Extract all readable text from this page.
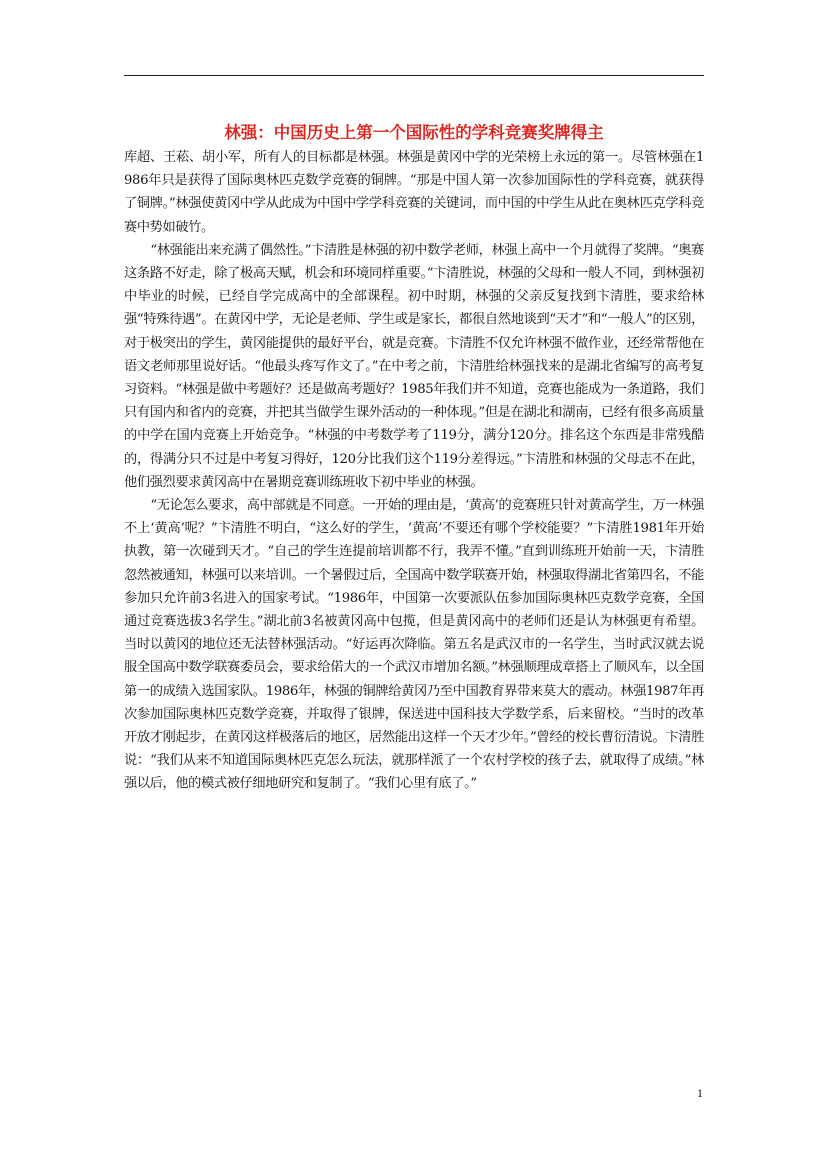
林强：中国历史上第一个国际性的学科竞赛奖牌得主

库超、王菘、胡小军，所有人的目标都是林强。林强是黄冈中学的光荣榜上永远的第一。尽管林强在1986年只是获得了国际奥林匹克数学竞赛的铜牌。“那是中国人第一次参加国际性的学科竞赛，就获得了铜牌。”林强使黄冈中学从此成为中国中学学科竞赛的关键词，而中国的中学生从此在奥林匹克学科竞赛中势如破竹。

“林强能出来充满了偶然性。”卞清胜是林强的初中数学老师，林强上高中一个月就得了奖牌。“奥赛这条路不好走，除了极高天赋，机会和环境同样重要。”卞清胜说，林强的父母和一般人不同，到林强初中毕业的时候，已经自学完成高中的全部课程。初中时期，林强的父亲反复找到卞清胜，要求给林强“特殊待遇”。在黄冈中学，无论是老师、学生或是家长，都很自然地谈到“天才”和“一般人”的区别，对于极突出的学生，黄冈能提供的最好平台，就是竞赛。卞清胜不仅允许林强不做作业，还经常帮他在语文老师那里说好话。“他最头疼写作文了。”在中考之前，卞清胜给林强找来的是湖北省编写的高考复习资料。“林强是做中考题好？还是做高考题好？1985年我们并不知道，竞赛也能成为一条道路，我们只有国内和省内的竞赛，并把其当做学生课外活动的一种体现。”但是在湖北和湖南，已经有很多高质量的中学在国内竞赛上开始竞争。“林强的中考数学考了119分，满分120分。排名这个东西是非常残酷的，得满分只不过是中考复习得好，120分比我们这个119分差得远。”卞清胜和林强的父母志不在此，他们强烈要求黄冈高中在暑期竞赛训练班收下初中毕业的林强。

“无论怎么要求，高中部就是不同意。一开始的理由是，‘黄高’的竞赛班只针对黄高学生，万一林强不上‘黄高’呢？”卞清胜不明白，“这么好的学生，‘黄高’不要还有哪个学校能要？”卞清胜1981年开始执教，第一次碰到天才。“自己的学生连提前培训都不行，我弄不懂。”直到训练班开始前一天，卞清胜忽然被通知，林强可以来培训。一个暑假过后，全国高中数学联赛开始，林强取得湖北省第四名，不能参加只允许前3名进入的国家考试。“1986年，中国第一次要派队伍参加国际奥林匹克数学竞赛，全国通过竞赛选拔3名学生。”湖北前3名被黄冈高中包揽，但是黄冈高中的老师们还是认为林强更有希望。当时以黄冈的地位还无法替林强活动。“好运再次降临。第五名是武汉市的一名学生，当时武汉就去说服全国高中数学联赛委员会，要求给偌大的一个武汉市增加名额。”林强顺理成章搭上了顺风车，以全国第一的成绩入选国家队。1986年，林强的铜牌给黄冈乃至中国教育界带来莫大的震动。林强1987年再次参加国际奥林匹克数学竞赛，并取得了银牌，保送进中国科技大学数学系，后来留校。“当时的改革开放才刚起步，在黄冈这样极落后的地区，居然能出这样一个天才少年。”曾经的校长曹衍清说。卞清胜说：“我们从来不知道国际奥林匹克怎么玩法，就那样派了一个农村学校的孩子去，就取得了成绩。”林强以后，他的模式被仔细地研究和复制了。“我们心里有底了。”

1
